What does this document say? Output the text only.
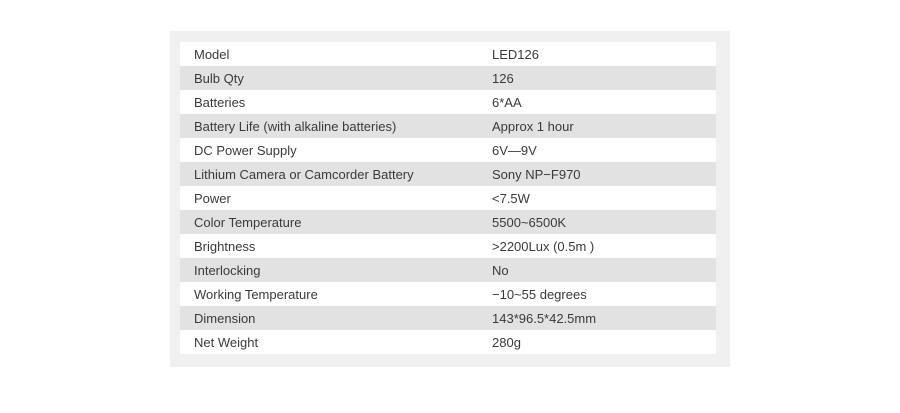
Model	LED126
Bulb Qty	126
Batteries	6*AA
Battery Life (with alkaline batteries)	Approx 1 hour
DC Power Supply	6V—9V
Lithium Camera or Camcorder Battery	Sony NP−F970
Power	<7.5W
Color Temperature	5500~6500K
Brightness	>2200Lux (0.5m )
Interlocking	No
Working Temperature	−10~55 degrees
Dimension	143*96.5*42.5mm
Net Weight	280g
